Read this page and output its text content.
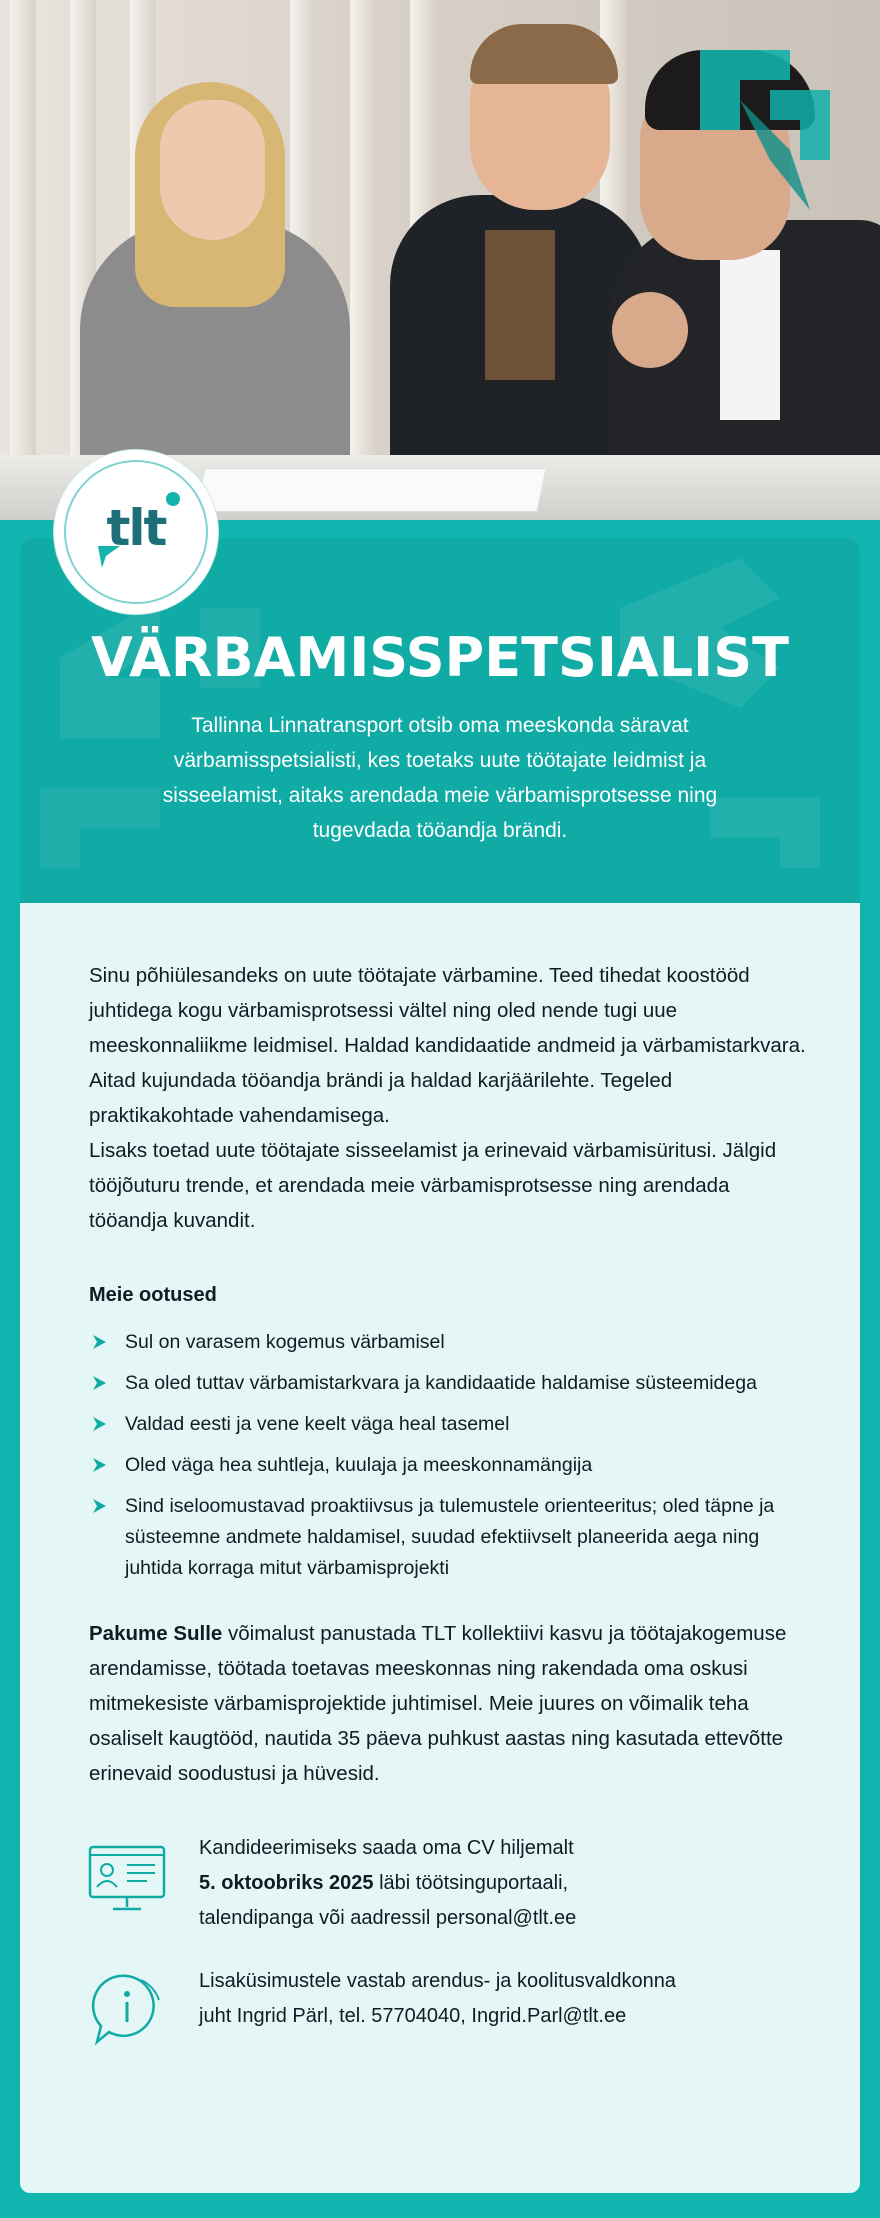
tlt
VÄRBAMISSPETSIALIST

Tallinna Linnatransport otsib oma meeskonda säravat värbamisspetsialisti, kes toetaks uute töötajate leidmist ja sisseelamist, aitaks arendada meie värbamisprotsesse ning tugevdada tööandja brändi.

Sinu põhiülesandeks on uute töötajate värbamine. Teed tihedat koostööd juhtidega kogu värbamisprotsessi vältel ning oled nende tugi uue meeskonnaliikme leidmisel. Haldad kandidaatide andmeid ja värbamistarkvara. Aitad kujundada tööandja brändi ja haldad karjäärilehte. Tegeled praktikakohtade vahendamisega.

Lisaks toetad uute töötajate sisseelamist ja erinevaid värbamisüritusi. Jälgid tööjõuturu trende, et arendada meie värbamisprotsesse ning arendada tööandja kuvandit.

Meie ootused

Sul on varasem kogemus värbamisel
Sa oled tuttav värbamistarkvara ja kandidaatide haldamise süsteemidega
Valdad eesti ja vene keelt väga heal tasemel
Oled väga hea suhtleja, kuulaja ja meeskonnamängija
Sind iseloomustavad proaktiivsus ja tulemustele orienteeritus; oled täpne ja süsteemne andmete haldamisel, suudad efektiivselt planeerida aega ning juhtida korraga mitut värbamisprojekti

Pakume Sulle võimalust panustada TLT kollektiivi kasvu ja töötajakogemuse arendamisse, töötada toetavas meeskonnas ning rakendada oma oskusi mitmekesiste värbamisprojektide juhtimisel. Meie juures on võimalik teha osaliselt kaugtööd, nautida 35 päeva puhkust aastas ning kasutada ettevõtte erinevaid soodustusi ja hüvesid.

Kandideerimiseks saada oma CV hiljemalt
5. oktoobriks 2025 läbi töötsinguportaali,
talendipanga või aadressil personal@tlt.ee
Lisaküsimustele vastab arendus- ja koolitusvaldkonna
juht Ingrid Pärl, tel. 57704040, Ingrid.Parl@tlt.ee
